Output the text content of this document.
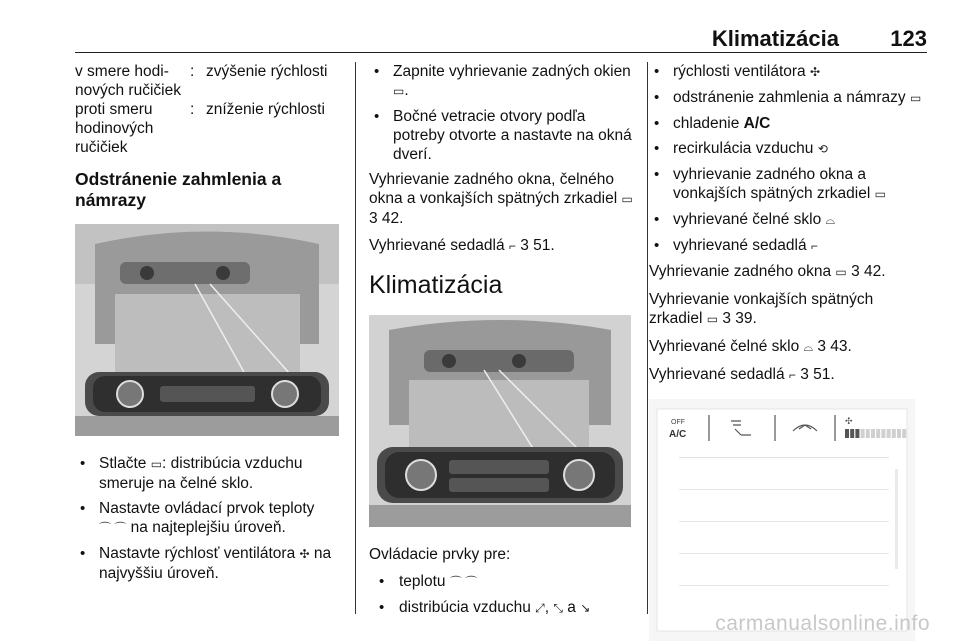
Klimatizácia 123
v smere hodi-nových ručičiek	:	zvýšenie rýchlosti
proti smeru hodinových ručičiek	:	zníženie rýchlosti
Odstránenie zahmlenia a námrazy
• Stlačte ▭: distribúcia vzduchu smeruje na čelné sklo.
• Nastavte ovládací prvok teploty ⌒ ⌒ na najteplejšiu úroveň.
• Nastavte rýchlosť ventilátora ✣ na najvyššiu úroveň.
• Zapnite vyhrievanie zadných okien ▭.
• Bočné vetracie otvory podľa potreby otvorte a nastavte na okná dverí.

Vyhrievanie zadného okna, čelného okna a vonkajších spätných zrkadiel ▭ 3 42.

Vyhrievané sedadlá ⌐ 3 51.

Klimatizácia
Ovládacie prvky pre:
• teplotu ⌒ ⌒
• distribúcia vzduchu ⤢, ⤡ a ↘
• rýchlosti ventilátora ✣
• odstránenie zahmlenia a námrazy ▭
• chladenie A/C
• recirkulácia vzduchu ⟲
• vyhrievanie zadného okna a vonkajších spätných zrkadiel ▭
• vyhrievané čelné sklo ⌓
• vyhrievané sedadlá ⌐

Vyhrievanie zadného okna ▭ 3 42.

Vyhrievanie vonkajších spätných zrkadiel ▭ 3 39.

Vyhrievané čelné sklo ⌓ 3 43.

Vyhrievané sedadlá ⌐ 3 51.

OFF
A/C
✣
carmanualsonline.info
